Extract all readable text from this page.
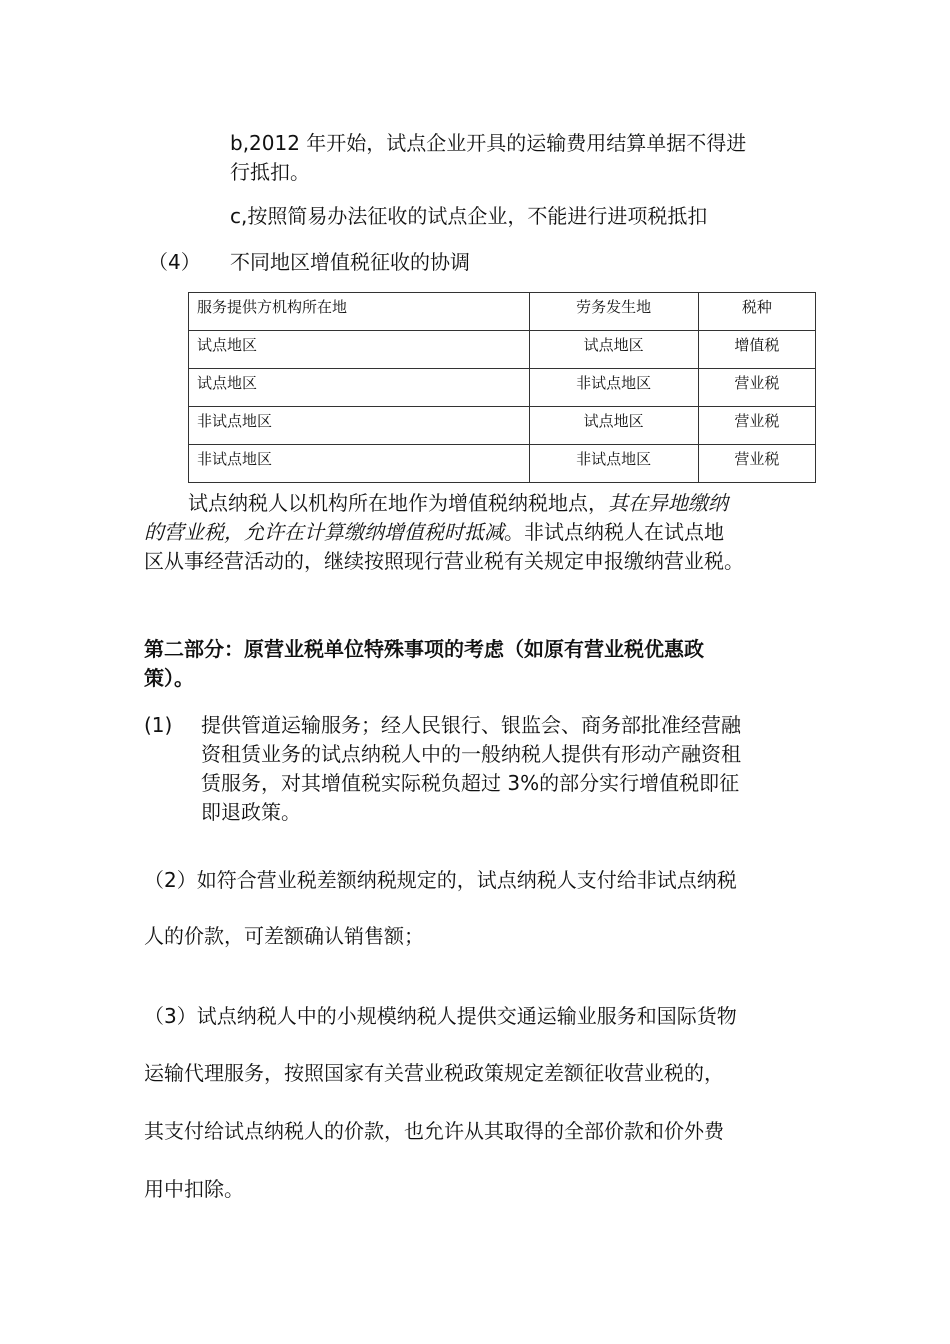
b,2012 年开始，试点企业开具的运输费用结算单据不得进
行抵扣。
c,按照简易办法征收的试点企业，不能进行进项税抵扣
（4） 不同地区增值税征收的协调
服务提供方机构所在地	劳务发生地	税种
试点地区	试点地区	增值税
试点地区	非试点地区	营业税
非试点地区	试点地区	营业税
非试点地区	非试点地区	营业税
试点纳税人以机构所在地作为增值税纳税地点，其在异地缴纳
的营业税，允许在计算缴纳增值税时抵减。非试点纳税人在试点地
区从事经营活动的，继续按照现行营业税有关规定申报缴纳营业税。
第二部分：原营业税单位特殊事项的考虑（如原有营业税优惠政
策）。
(1) 提供管道运输服务；经人民银行、银监会、商务部批准经营融
资租赁业务的试点纳税人中的一般纳税人提供有形动产融资租
赁服务，对其增值税实际税负超过 3%的部分实行增值税即征
即退政策。
（2）如符合营业税差额纳税规定的，试点纳税人支付给非试点纳税
人的价款，可差额确认销售额；
（3）试点纳税人中的小规模纳税人提供交通运输业服务和国际货物
运输代理服务，按照国家有关营业税政策规定差额征收营业税的，
其支付给试点纳税人的价款，也允许从其取得的全部价款和价外费
用中扣除。
